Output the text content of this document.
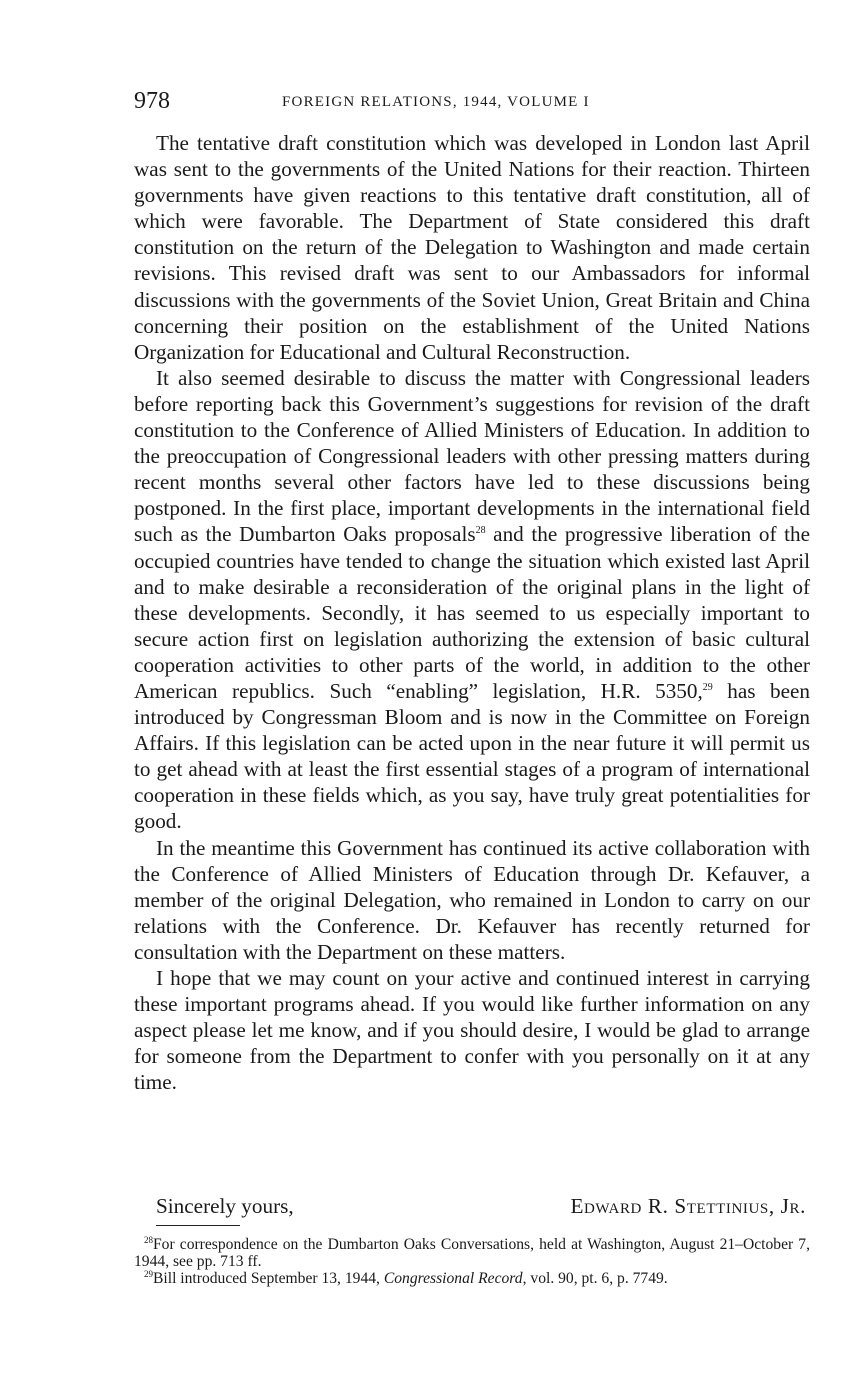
978	FOREIGN RELATIONS, 1944, VOLUME I

The tentative draft constitution which was developed in London last April was sent to the governments of the United Nations for their reaction. Thirteen governments have given reactions to this tentative draft constitution, all of which were favorable. The Department of State considered this draft constitution on the return of the Delegation to Washington and made certain revisions. This revised draft was sent to our Ambassadors for informal discussions with the governments of the Soviet Union, Great Britain and China concerning their position on the establishment of the United Nations Organization for Educational and Cultural Reconstruction.

It also seemed desirable to discuss the matter with Congressional leaders before reporting back this Government’s suggestions for revision of the draft constitution to the Conference of Allied Ministers of Education. In addition to the preoccupation of Congressional leaders with other pressing matters during recent months several other factors have led to these discussions being postponed. In the first place, important developments in the international field such as the Dumbarton Oaks proposals$^{28}$ and the progressive liberation of the occupied countries have tended to change the situation which existed last April and to make desirable a reconsideration of the original plans in the light of these developments. Secondly, it has seemed to us especially important to secure action first on legislation authorizing the extension of basic cultural cooperation activities to other parts of the world, in addition to the other American republics. Such “enabling” legislation, H.R. 5350,29 has been introduced by Congressman Bloom and is now in the Committee on Foreign Affairs. If this legislation can be acted upon in the near future it will permit us to get ahead with at least the first essential stages of a program of international cooperation in these fields which, as you say, have truly great potentialities for good.

In the meantime this Government has continued its active collaboration with the Conference of Allied Ministers of Education through Dr. Kefauver, a member of the original Delegation, who remained in London to carry on our relations with the Conference. Dr. Kefauver has recently returned for consultation with the Department on these matters.

I hope that we may count on your active and continued interest in carrying these important programs ahead. If you would like further information on any aspect please let me know, and if you should desire, I would be glad to arrange for someone from the Department to confer with you personally on it at any time.

Sincerely yours,	Edward R. Stettinius, Jr.

$^{28}$For correspondence on the Dumbarton Oaks Conversations, held at Washington, August 21–October 7, 1944, see pp. 713 ff.

$^{29}$Bill introduced September 13, 1944, Congressional Record, vol. 90, pt. 6, p. 7749.
